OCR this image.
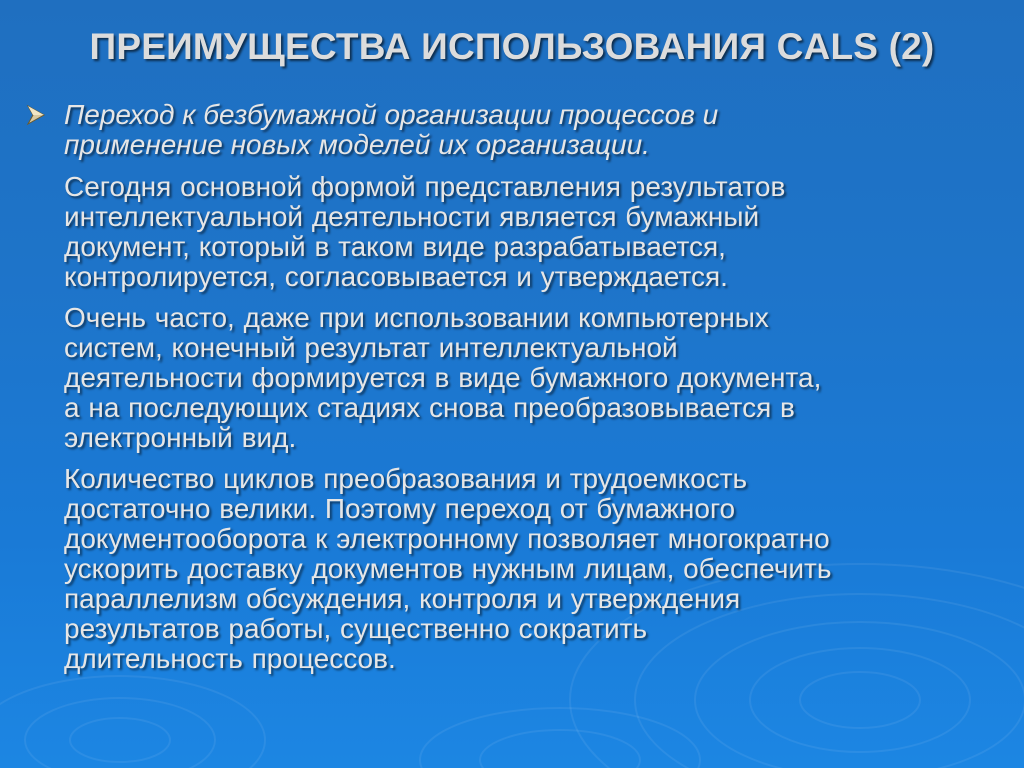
ПРЕИМУЩЕСТВА ИСПОЛЬЗОВАНИЯ CALS (2)
Переход к безбумажной организации процессов и
применение новых моделей их организации.
Сегодня основной формой представления результатов
интеллектуальной деятельности является бумажный
документ, который в таком виде разрабатывается,
контролируется, согласовывается и утверждается.
Очень часто, даже при использовании компьютерных
систем, конечный результат интеллектуальной
деятельности формируется в виде бумажного документа,
а на последующих стадиях снова преобразовывается в
электронный вид.
Количество циклов преобразования и трудоемкость
достаточно велики. Поэтому переход от бумажного
документооборота к электронному позволяет многократно
ускорить доставку документов нужным лицам, обеспечить
параллелизм обсуждения, контроля и утверждения
результатов работы, существенно сократить
длительность процессов.
